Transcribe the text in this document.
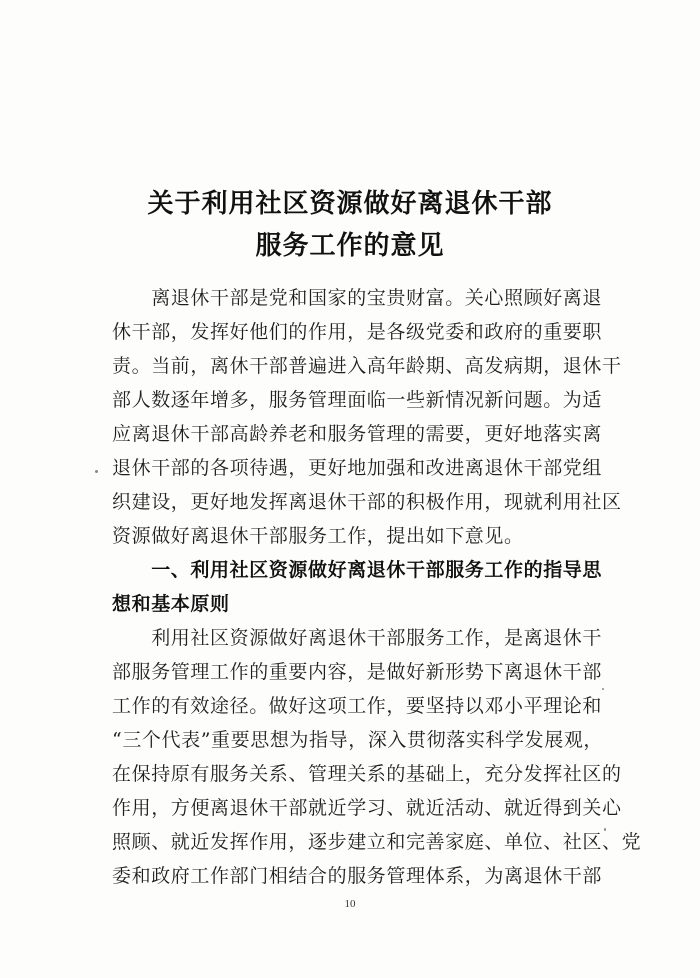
关于利用社区资源做好离退休干部
服务工作的意见
　　离退休干部是党和国家的宝贵财富。关心照顾好离退
休干部，发挥好他们的作用，是各级党委和政府的重要职
责。当前，离休干部普遍进入高年龄期、高发病期，退休干
部人数逐年增多，服务管理面临一些新情况新问题。为适
应离退休干部高龄养老和服务管理的需要，更好地落实离
退休干部的各项待遇，更好地加强和改进离退休干部党组
织建设，更好地发挥离退休干部的积极作用，现就利用社区
资源做好离退休干部服务工作，提出如下意见。
　　一、利用社区资源做好离退休干部服务工作的指导思
想和基本原则
　　利用社区资源做好离退休干部服务工作，是离退休干
部服务管理工作的重要内容，是做好新形势下离退休干部
工作的有效途径。做好这项工作，要坚持以邓小平理论和
“三个代表”重要思想为指导，深入贯彻落实科学发展观，
在保持原有服务关系、管理关系的基础上，充分发挥社区的
作用，方便离退休干部就近学习、就近活动、就近得到关心
照顾、就近发挥作用，逐步建立和完善家庭、单位、社区、党
委和政府工作部门相结合的服务管理体系，为离退休干部
10
